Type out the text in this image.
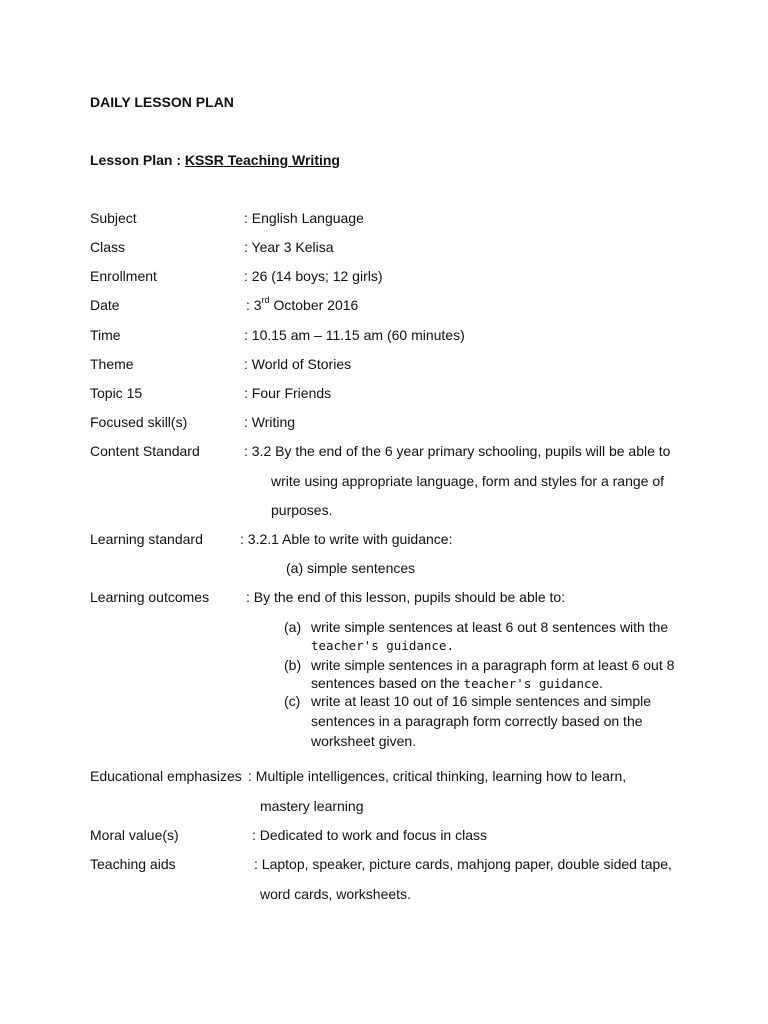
DAILY LESSON PLAN
Lesson Plan : KSSR Teaching Writing
Subject	: English Language
Class	: Year 3 Kelisa
Enrollment	: 26 (14 boys; 12 girls)
Date	: 3rd October 2016
Time	: 10.15 am – 11.15 am (60 minutes)
Theme	: World of Stories
Topic 15	: Four Friends
Focused skill(s)	: Writing
Content Standard	: 3.2 By the end of the 6 year primary schooling, pupils will be able to
write using appropriate language, form and styles for a range of
purposes.
Learning standard	: 3.2.1 Able to write with guidance:
(a) simple sentences
Learning outcomes	: By the end of this lesson, pupils should be able to:
(a) write simple sentences at least 6 out 8 sentences with the
teacher's guidance.
(b) write simple sentences in a paragraph form at least 6 out 8
sentences based on the teacher's guidance.
(c) write at least 10 out of 16 simple sentences and simple
sentences in a paragraph form correctly based on the
worksheet given.
Educational emphasizes : Multiple intelligences, critical thinking, learning how to learn,
mastery learning
Moral value(s)	: Dedicated to work and focus in class
Teaching aids	: Laptop, speaker, picture cards, mahjong paper, double sided tape,
word cards, worksheets.
